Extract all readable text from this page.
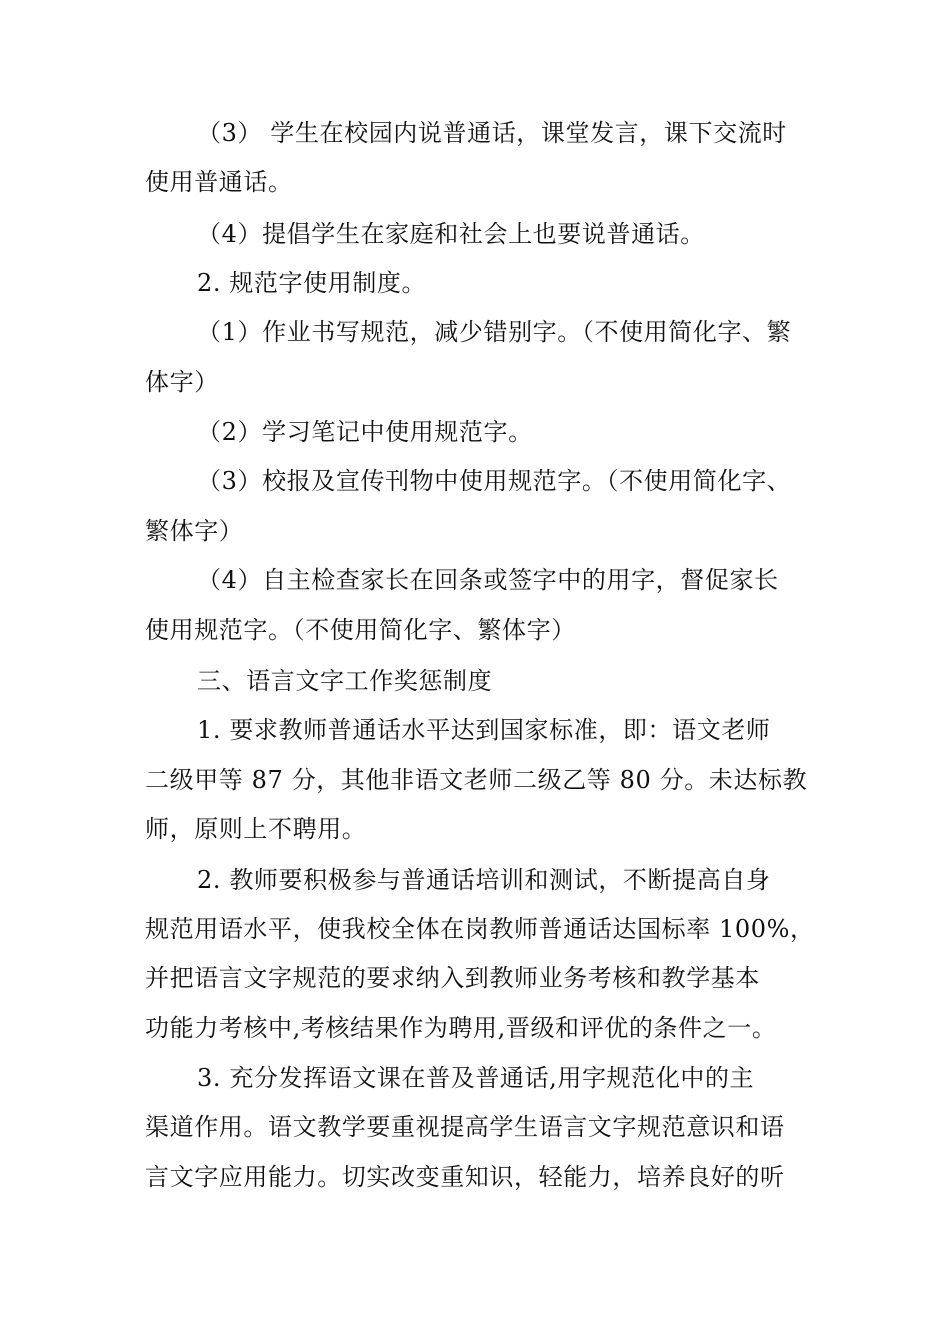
（3） 学生在校园内说普通话，课堂发言，课下交流时
使用普通话。
（4）提倡学生在家庭和社会上也要说普通话。
2. 规范字使用制度。
（1）作业书写规范，减少错别字。（不使用简化字、繁
体字）
（2）学习笔记中使用规范字。
（3）校报及宣传刊物中使用规范字。（不使用简化字、
繁体字）
（4）自主检查家长在回条或签字中的用字，督促家长
使用规范字。（不使用简化字、繁体字）
三、语言文字工作奖惩制度
1. 要求教师普通话水平达到国家标准，即：语文老师
二级甲等 87 分，其他非语文老师二级乙等 80 分。未达标教
师，原则上不聘用。
2. 教师要积极参与普通话培训和测试，不断提高自身
规范用语水平，使我校全体在岗教师普通话达国标率 100%，
并把语言文字规范的要求纳入到教师业务考核和教学基本
功能力考核中,考核结果作为聘用,晋级和评优的条件之一。
3. 充分发挥语文课在普及普通话,用字规范化中的主
渠道作用。语文教学要重视提高学生语言文字规范意识和语
言文字应用能力。切实改变重知识，轻能力，培养良好的听
